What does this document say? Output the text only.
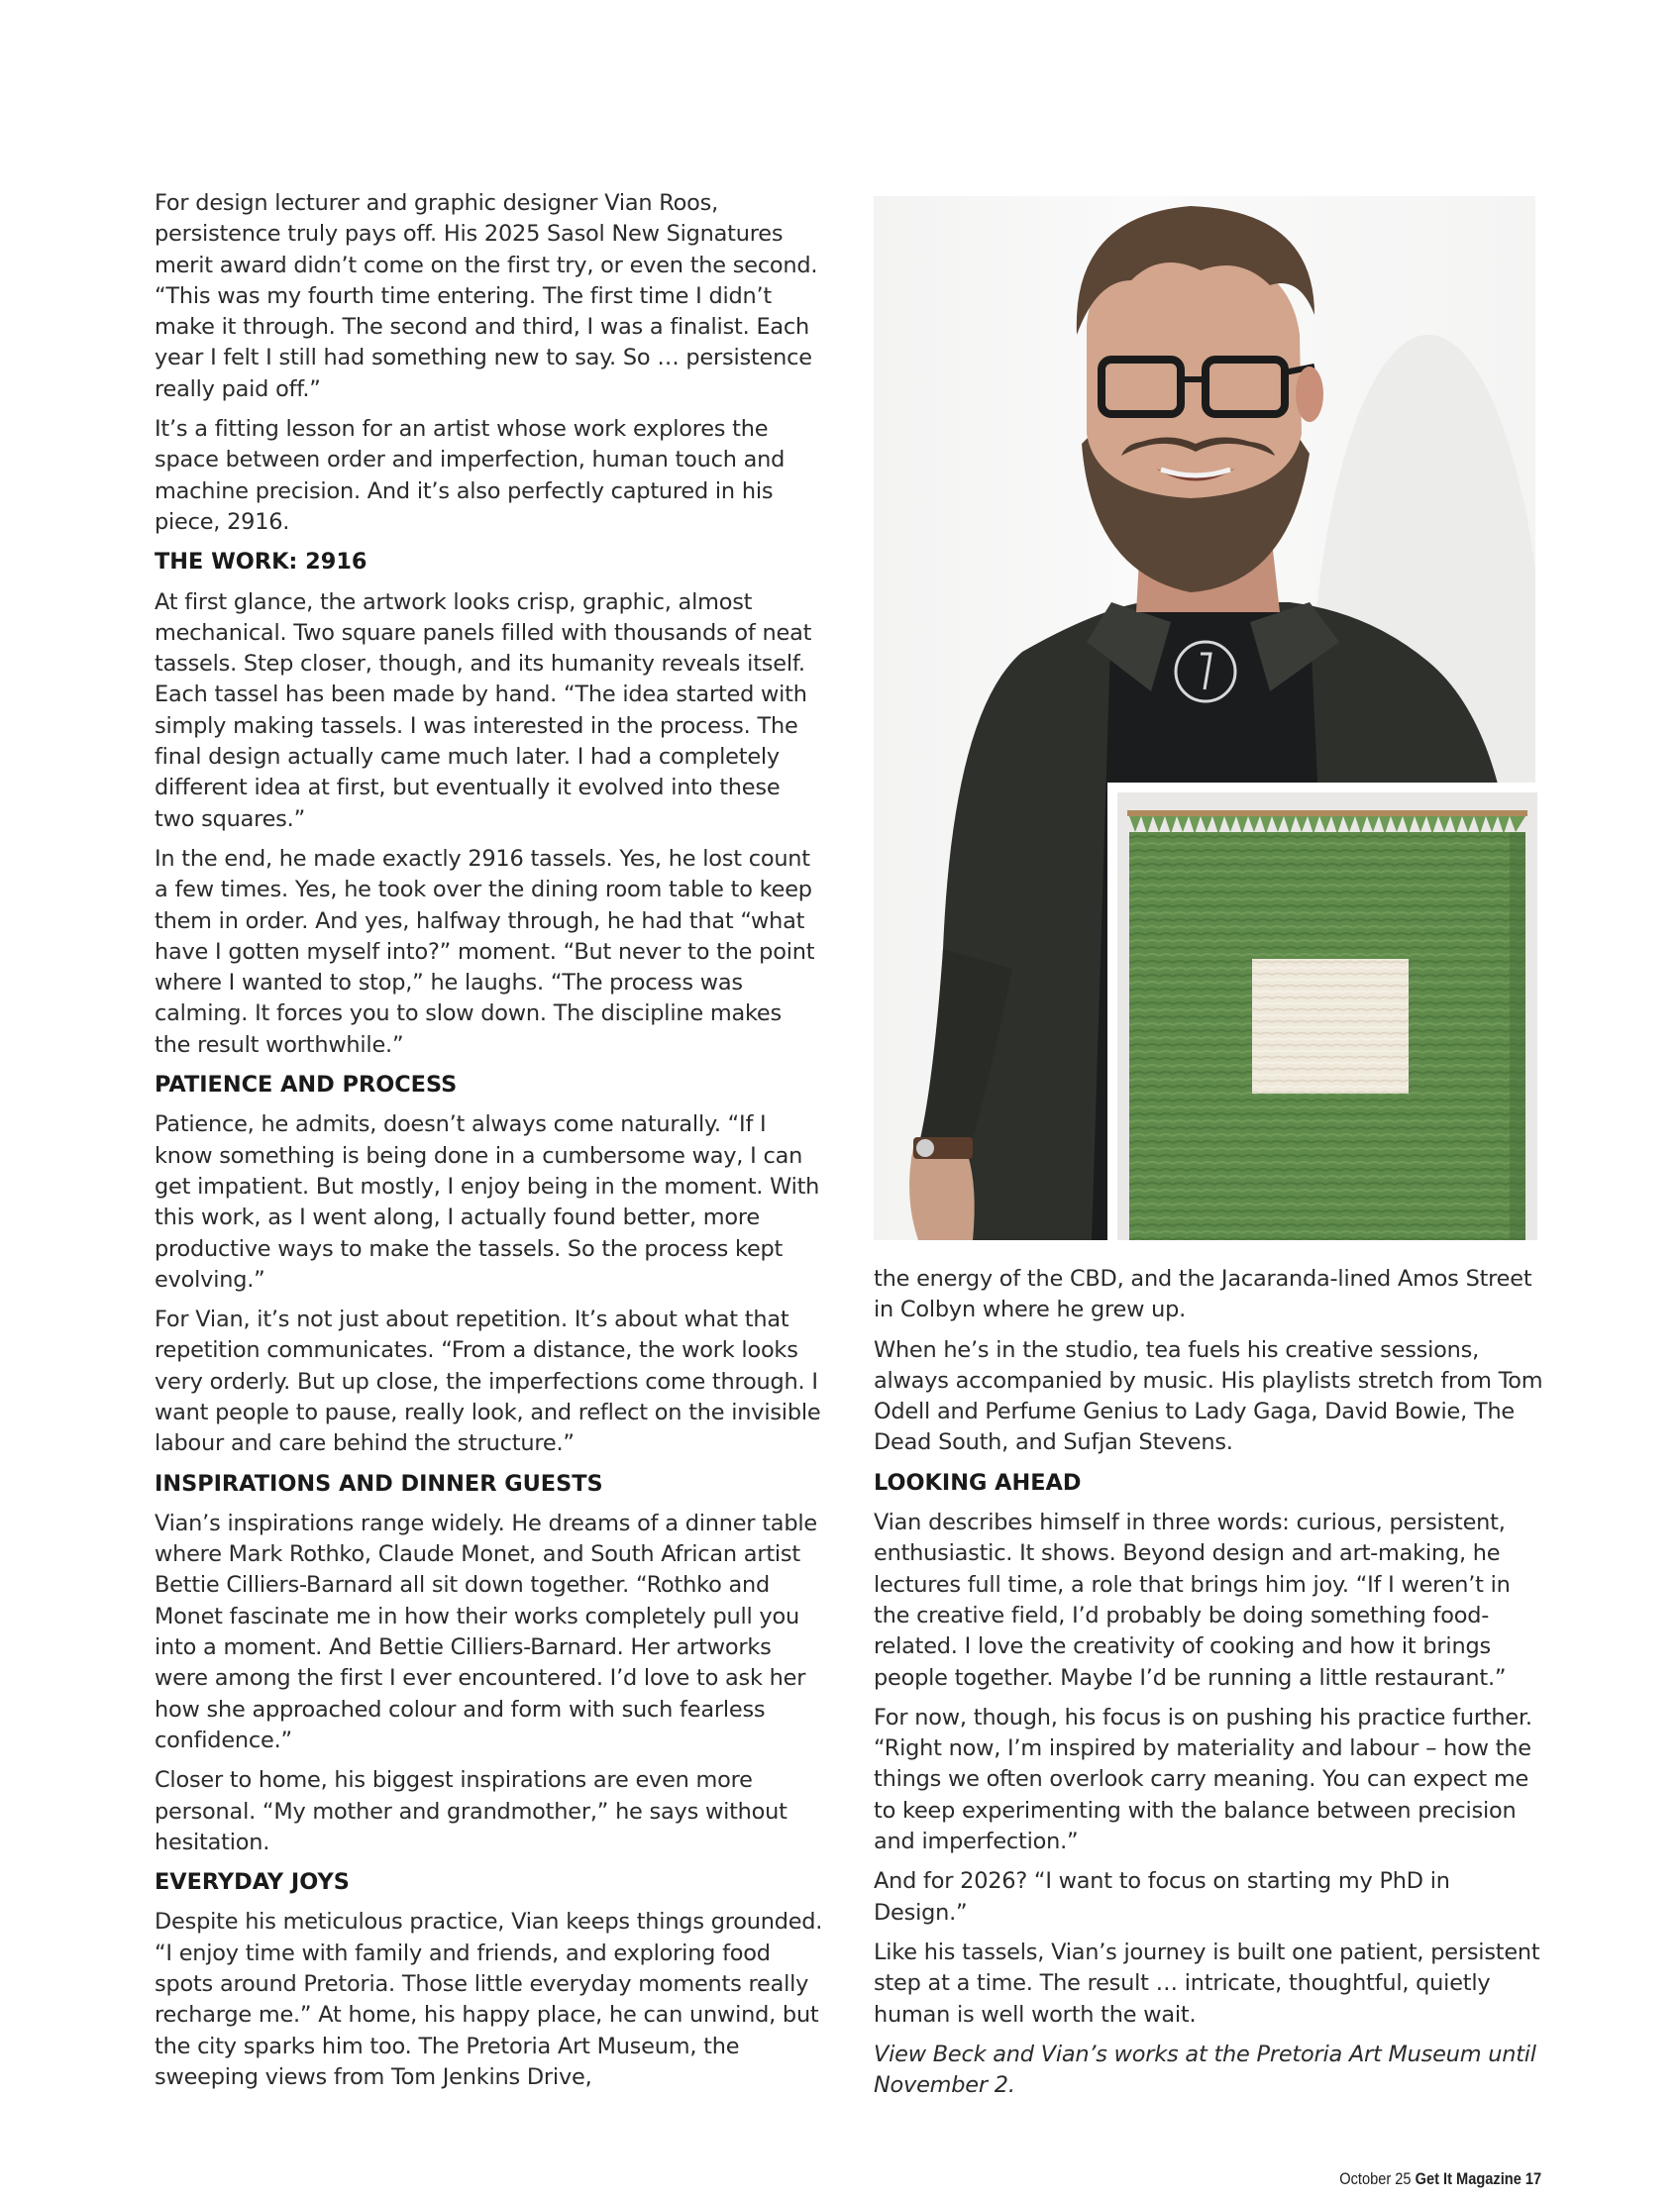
For design lecturer and graphic designer Vian Roos, persistence truly pays off. His 2025 Sasol New Signatures merit award didn’t come on the first try, or even the second. “This was my fourth time entering. The first time I didn’t make it through. The second and third, I was a finalist. Each year I felt I still had something new to say. So … persistence really paid off.”

It’s a fitting lesson for an artist whose work explores the space between order and imperfection, human touch and machine precision. And it’s also perfectly captured in his piece, 2916.

THE WORK: 2916

At first glance, the artwork looks crisp, graphic, almost mechanical. Two square panels filled with thousands of neat tassels. Step closer, though, and its humanity reveals itself. Each tassel has been made by hand. “The idea started with simply making tassels. I was interested in the process. The final design actually came much later. I had a completely different idea at first, but eventually it evolved into these two squares.”

In the end, he made exactly 2916 tassels. Yes, he lost count a few times. Yes, he took over the dining room table to keep them in order. And yes, halfway through, he had that “what have I gotten myself into?” moment. “But never to the point where I wanted to stop,” he laughs. “The process was calming. It forces you to slow down. The discipline makes the result worthwhile.”

PATIENCE AND PROCESS

Patience, he admits, doesn’t always come naturally. “If I know something is being done in a cumbersome way, I can get impatient. But mostly, I enjoy being in the moment. With this work, as I went along, I actually found better, more productive ways to make the tassels. So the process kept evolving.”

For Vian, it’s not just about repetition. It’s about what that repetition communicates. “From a distance, the work looks very orderly. But up close, the imperfections come through. I want people to pause, really look, and reflect on the invisible labour and care behind the structure.”

INSPIRATIONS AND DINNER GUESTS

Vian’s inspirations range widely. He dreams of a dinner table where Mark Rothko, Claude Monet, and South African artist Bettie Cilliers-Barnard all sit down together. “Rothko and Monet fascinate me in how their works completely pull you into a moment. And Bettie Cilliers-Barnard. Her artworks were among the first I ever encountered. I’d love to ask her how she approached colour and form with such fearless confidence.”

Closer to home, his biggest inspirations are even more personal. “My mother and grandmother,” he says without hesitation.

EVERYDAY JOYS

Despite his meticulous practice, Vian keeps things grounded. “I enjoy time with family and friends, and exploring food spots around Pretoria. Those little everyday moments really recharge me.” At home, his happy place, he can unwind, but the city sparks him too. The Pretoria Art Museum, the sweeping views from Tom Jenkins Drive,

the energy of the CBD, and the Jacaranda-lined Amos Street in Colbyn where he grew up.

When he’s in the studio, tea fuels his creative sessions, always accompanied by music. His playlists stretch from Tom Odell and Perfume Genius to Lady Gaga, David Bowie, The Dead South, and Sufjan Stevens.

LOOKING AHEAD

Vian describes himself in three words: curious, persistent, enthusiastic. It shows. Beyond design and art-making, he lectures full time, a role that brings him joy. “If I weren’t in the creative field, I’d probably be doing something food-related. I love the creativity of cooking and how it brings people together. Maybe I’d be running a little restaurant.”

For now, though, his focus is on pushing his practice further. “Right now, I’m inspired by materiality and labour – how the things we often overlook carry meaning. You can expect me to keep experimenting with the balance between precision and imperfection.”

And for 2026? “I want to focus on starting my PhD in Design.”

Like his tassels, Vian’s journey is built one patient, persistent step at a time. The result … intricate, thoughtful, quietly human is well worth the wait.

View Beck and Vian’s works at the Pretoria Art Museum until November 2.

October 25 Get It Magazine 17
